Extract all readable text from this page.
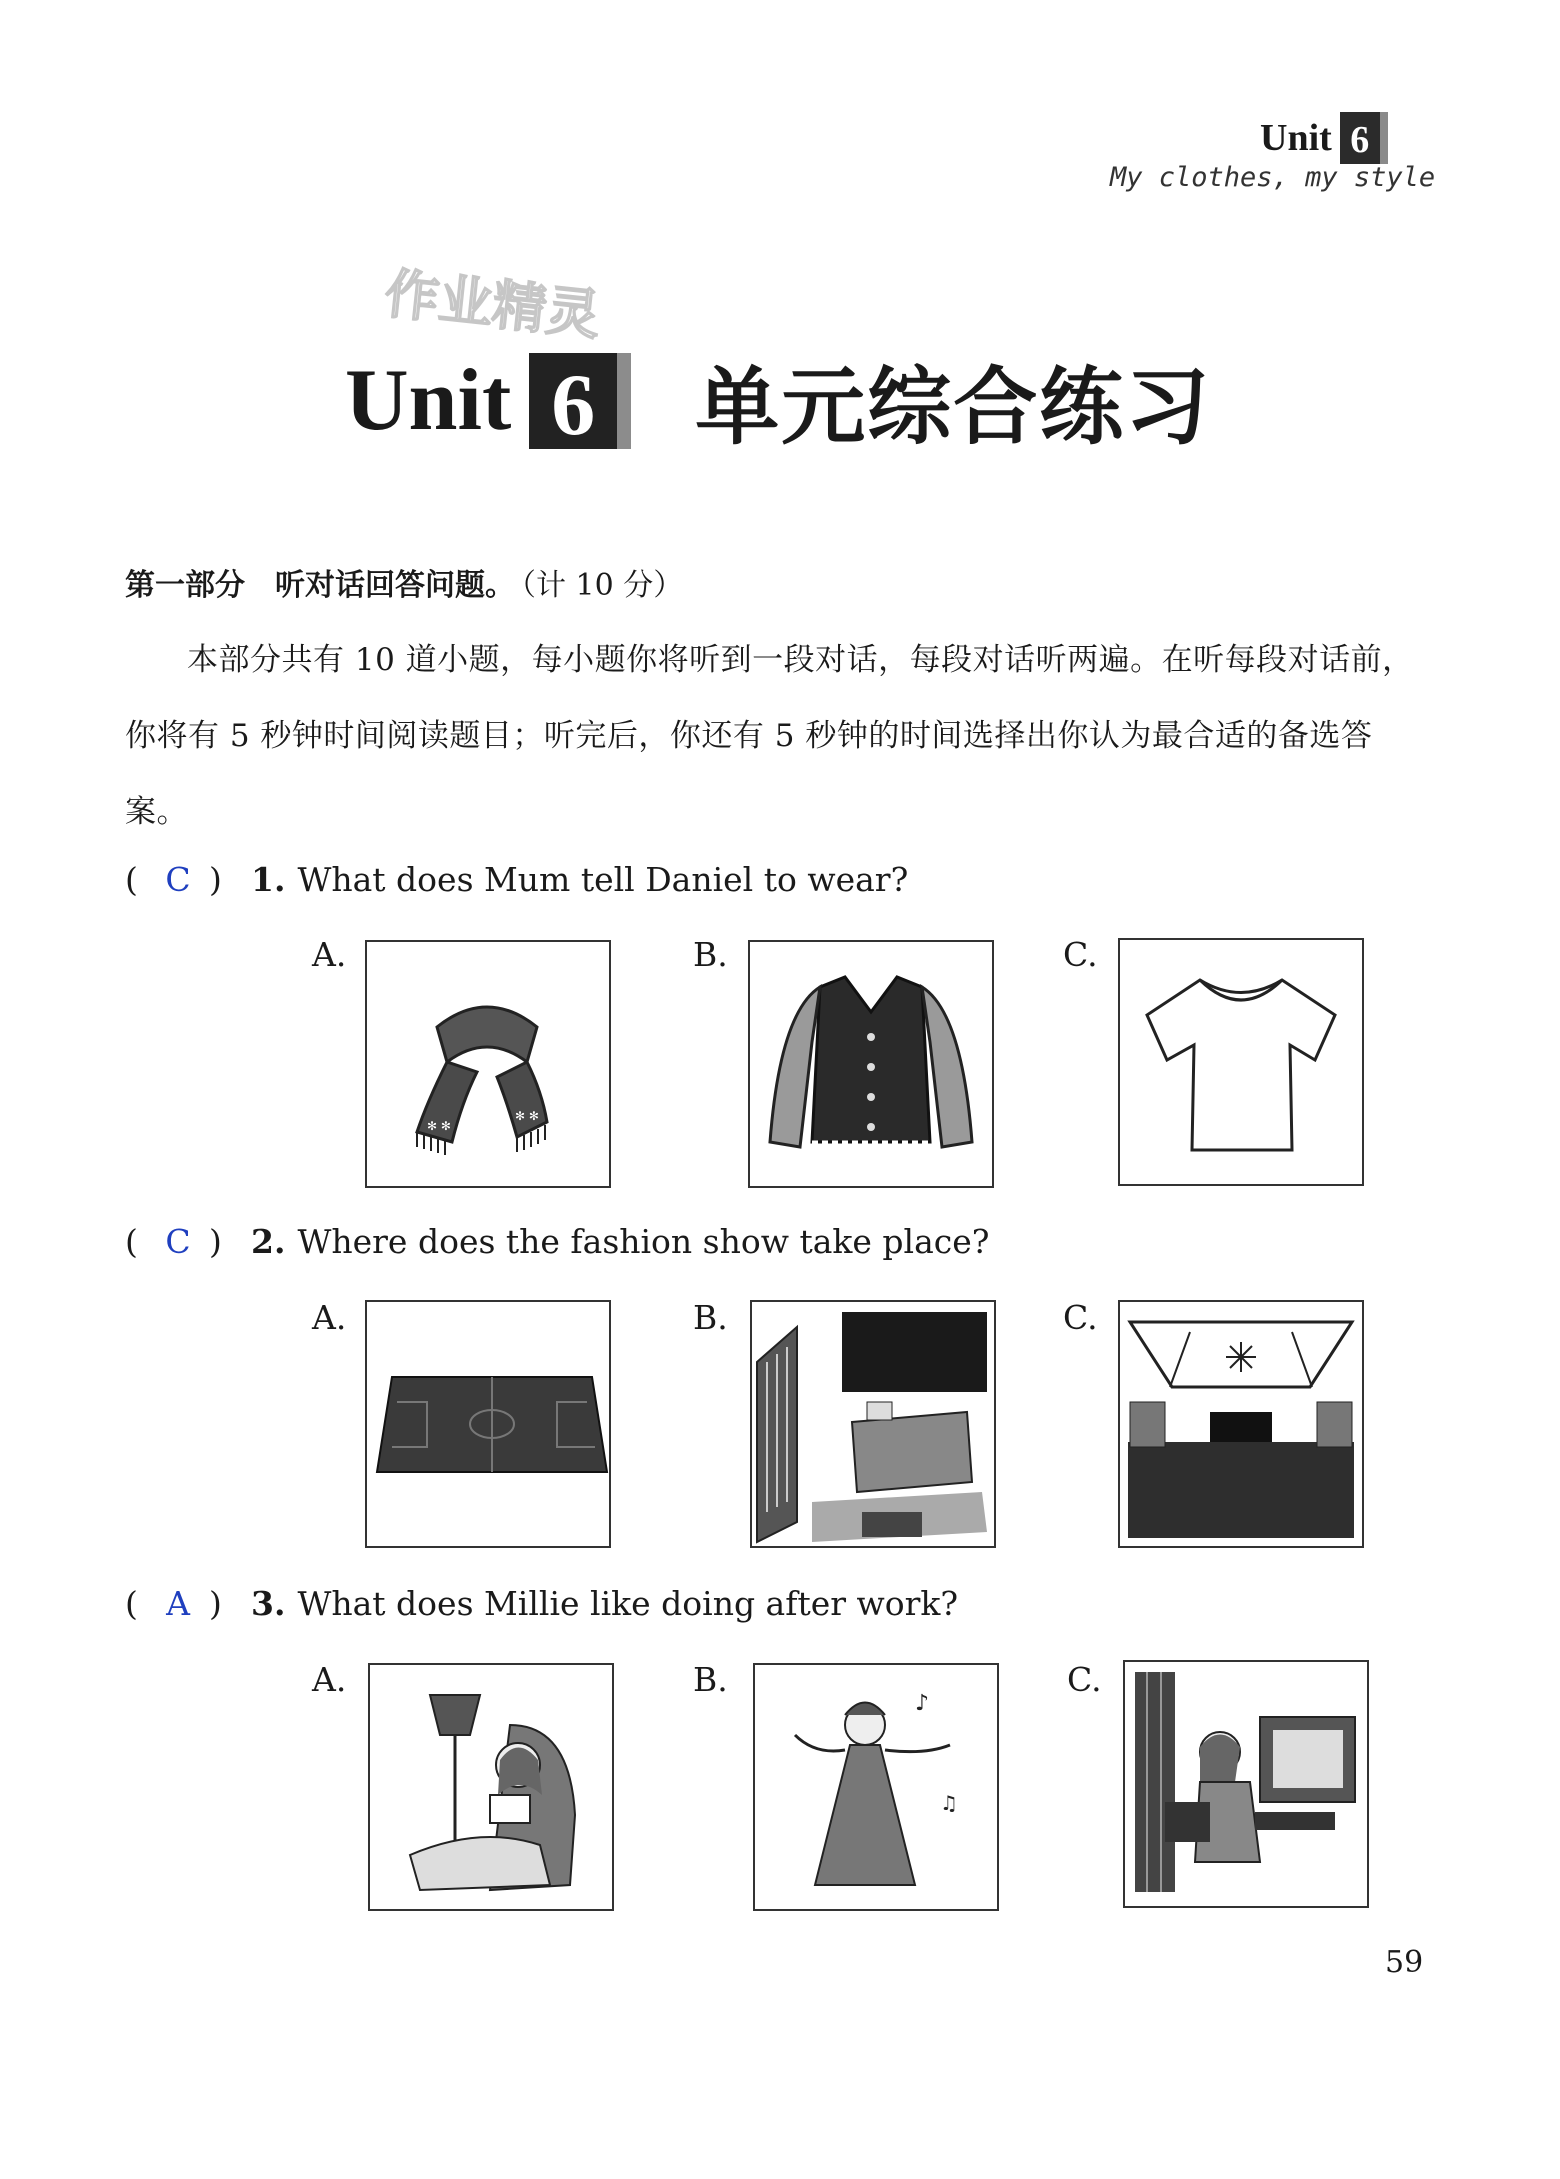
Unit 6
My clothes, my style
作业精灵
Unit 6 单元综合练习
第一部分　听对话回答问题。 （计 10 分）
本部分共有 10 道小题，每小题你将听到一段对话，每段对话听两遍。在听每段对话前，你将有 5 秒钟时间阅读题目；听完后，你还有 5 秒钟的时间选择出你认为最合适的备选答案。
( C ) 1. What does Mum tell Daniel to wear?
A.
✻ ✻
✻ ✻
B.	C.
( C ) 2. Where does the fashion show take place?
A.	B.	C.
( A ) 3. What does Millie like doing after work?
A.	B.
♪
♫
C.
59
